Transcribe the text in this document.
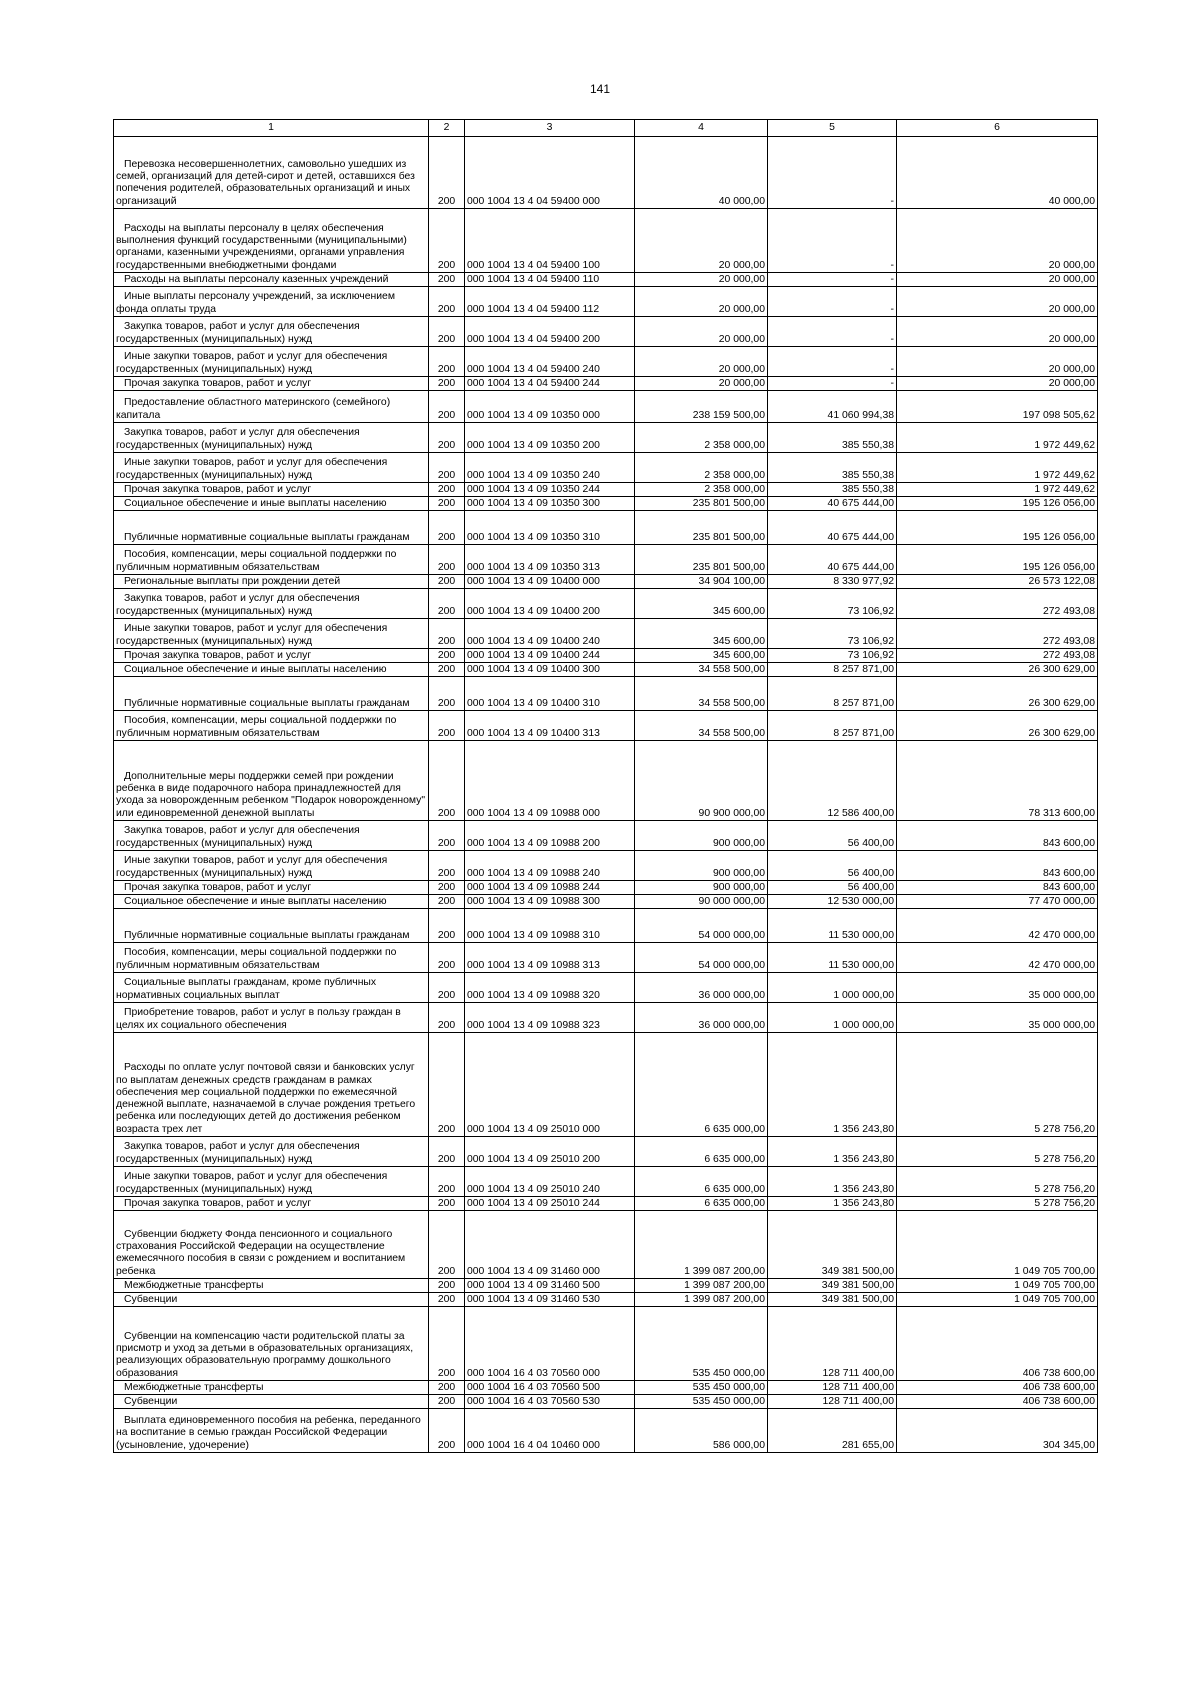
141
1	2	3	4	5	6

Перевозка несовершеннолетних, самовольно ушедших из семей, организаций для детей-сирот и детей, оставшихся без попечения родителей, образовательных организаций и иных организаций	200	000 1004 13 4 04 59400 000	40 000,00	-	40 000,00

Расходы на выплаты персоналу в целях обеспечения выполнения функций государственными (муниципальными) органами, казенными учреждениями, органами управления государственными внебюджетными фондами	200	000 1004 13 4 04 59400 100	20 000,00	-	20 000,00

Расходы на выплаты персоналу казенных учреждений	200	000 1004 13 4 04 59400 110	20 000,00	-	20 000,00

Иные выплаты персоналу учреждений, за исключением фонда оплаты труда	200	000 1004 13 4 04 59400 112	20 000,00	-	20 000,00

Закупка товаров, работ и услуг для обеспечения государственных (муниципальных) нужд	200	000 1004 13 4 04 59400 200	20 000,00	-	20 000,00

Иные закупки товаров, работ и услуг для обеспечения государственных (муниципальных) нужд	200	000 1004 13 4 04 59400 240	20 000,00	-	20 000,00

Прочая закупка товаров, работ и услуг	200	000 1004 13 4 04 59400 244	20 000,00	-	20 000,00

Предоставление областного материнского (семейного) капитала	200	000 1004 13 4 09 10350 000	238 159 500,00	41 060 994,38	197 098 505,62

Закупка товаров, работ и услуг для обеспечения государственных (муниципальных) нужд	200	000 1004 13 4 09 10350 200	2 358 000,00	385 550,38	1 972 449,62

Иные закупки товаров, работ и услуг для обеспечения государственных (муниципальных) нужд	200	000 1004 13 4 09 10350 240	2 358 000,00	385 550,38	1 972 449,62

Прочая закупка товаров, работ и услуг	200	000 1004 13 4 09 10350 244	2 358 000,00	385 550,38	1 972 449,62

Социальное обеспечение и иные выплаты населению	200	000 1004 13 4 09 10350 300	235 801 500,00	40 675 444,00	195 126 056,00

Публичные нормативные социальные выплаты гражданам	200	000 1004 13 4 09 10350 310	235 801 500,00	40 675 444,00	195 126 056,00

Пособия, компенсации, меры социальной поддержки по публичным нормативным обязательствам	200	000 1004 13 4 09 10350 313	235 801 500,00	40 675 444,00	195 126 056,00

Региональные выплаты при рождении детей	200	000 1004 13 4 09 10400 000	34 904 100,00	8 330 977,92	26 573 122,08

Закупка товаров, работ и услуг для обеспечения государственных (муниципальных) нужд	200	000 1004 13 4 09 10400 200	345 600,00	73 106,92	272 493,08

Иные закупки товаров, работ и услуг для обеспечения государственных (муниципальных) нужд	200	000 1004 13 4 09 10400 240	345 600,00	73 106,92	272 493,08

Прочая закупка товаров, работ и услуг	200	000 1004 13 4 09 10400 244	345 600,00	73 106,92	272 493,08

Социальное обеспечение и иные выплаты населению	200	000 1004 13 4 09 10400 300	34 558 500,00	8 257 871,00	26 300 629,00

Публичные нормативные социальные выплаты гражданам	200	000 1004 13 4 09 10400 310	34 558 500,00	8 257 871,00	26 300 629,00

Пособия, компенсации, меры социальной поддержки по публичным нормативным обязательствам	200	000 1004 13 4 09 10400 313	34 558 500,00	8 257 871,00	26 300 629,00

Дополнительные меры поддержки семей при рождении ребенка в виде подарочного набора принадлежностей для ухода за новорожденным ребенком "Подарок новорожденному" или единовременной денежной выплаты	200	000 1004 13 4 09 10988 000	90 900 000,00	12 586 400,00	78 313 600,00

Закупка товаров, работ и услуг для обеспечения государственных (муниципальных) нужд	200	000 1004 13 4 09 10988 200	900 000,00	56 400,00	843 600,00

Иные закупки товаров, работ и услуг для обеспечения государственных (муниципальных) нужд	200	000 1004 13 4 09 10988 240	900 000,00	56 400,00	843 600,00

Прочая закупка товаров, работ и услуг	200	000 1004 13 4 09 10988 244	900 000,00	56 400,00	843 600,00

Социальное обеспечение и иные выплаты населению	200	000 1004 13 4 09 10988 300	90 000 000,00	12 530 000,00	77 470 000,00

Публичные нормативные социальные выплаты гражданам	200	000 1004 13 4 09 10988 310	54 000 000,00	11 530 000,00	42 470 000,00

Пособия, компенсации, меры социальной поддержки по публичным нормативным обязательствам	200	000 1004 13 4 09 10988 313	54 000 000,00	11 530 000,00	42 470 000,00

Социальные выплаты гражданам, кроме публичных нормативных социальных выплат	200	000 1004 13 4 09 10988 320	36 000 000,00	1 000 000,00	35 000 000,00

Приобретение товаров, работ и услуг в пользу граждан в целях их социального обеспечения	200	000 1004 13 4 09 10988 323	36 000 000,00	1 000 000,00	35 000 000,00

Расходы по оплате услуг почтовой связи и банковских услуг по выплатам денежных средств гражданам в рамках обеспечения мер социальной поддержки по ежемесячной денежной выплате, назначаемой в случае рождения третьего ребенка или последующих детей до достижения ребенком возраста трех лет	200	000 1004 13 4 09 25010 000	6 635 000,00	1 356 243,80	5 278 756,20

Закупка товаров, работ и услуг для обеспечения государственных (муниципальных) нужд	200	000 1004 13 4 09 25010 200	6 635 000,00	1 356 243,80	5 278 756,20

Иные закупки товаров, работ и услуг для обеспечения государственных (муниципальных) нужд	200	000 1004 13 4 09 25010 240	6 635 000,00	1 356 243,80	5 278 756,20

Прочая закупка товаров, работ и услуг	200	000 1004 13 4 09 25010 244	6 635 000,00	1 356 243,80	5 278 756,20

Субвенции бюджету Фонда пенсионного и социального страхования Российской Федерации на осуществление ежемесячного пособия в связи с рождением и воспитанием ребенка	200	000 1004 13 4 09 31460 000	1 399 087 200,00	349 381 500,00	1 049 705 700,00

Межбюджетные трансферты	200	000 1004 13 4 09 31460 500	1 399 087 200,00	349 381 500,00	1 049 705 700,00

Субвенции	200	000 1004 13 4 09 31460 530	1 399 087 200,00	349 381 500,00	1 049 705 700,00

Субвенции на компенсацию части родительской платы за присмотр и уход за детьми в образовательных организациях, реализующих образовательную программу дошкольного образования	200	000 1004 16 4 03 70560 000	535 450 000,00	128 711 400,00	406 738 600,00

Межбюджетные трансферты	200	000 1004 16 4 03 70560 500	535 450 000,00	128 711 400,00	406 738 600,00

Субвенции	200	000 1004 16 4 03 70560 530	535 450 000,00	128 711 400,00	406 738 600,00

Выплата единовременного пособия на ребенка, переданного на воспитание в семью граждан Российской Федерации (усыновление, удочерение)	200	000 1004 16 4 04 10460 000	586 000,00	281 655,00	304 345,00
